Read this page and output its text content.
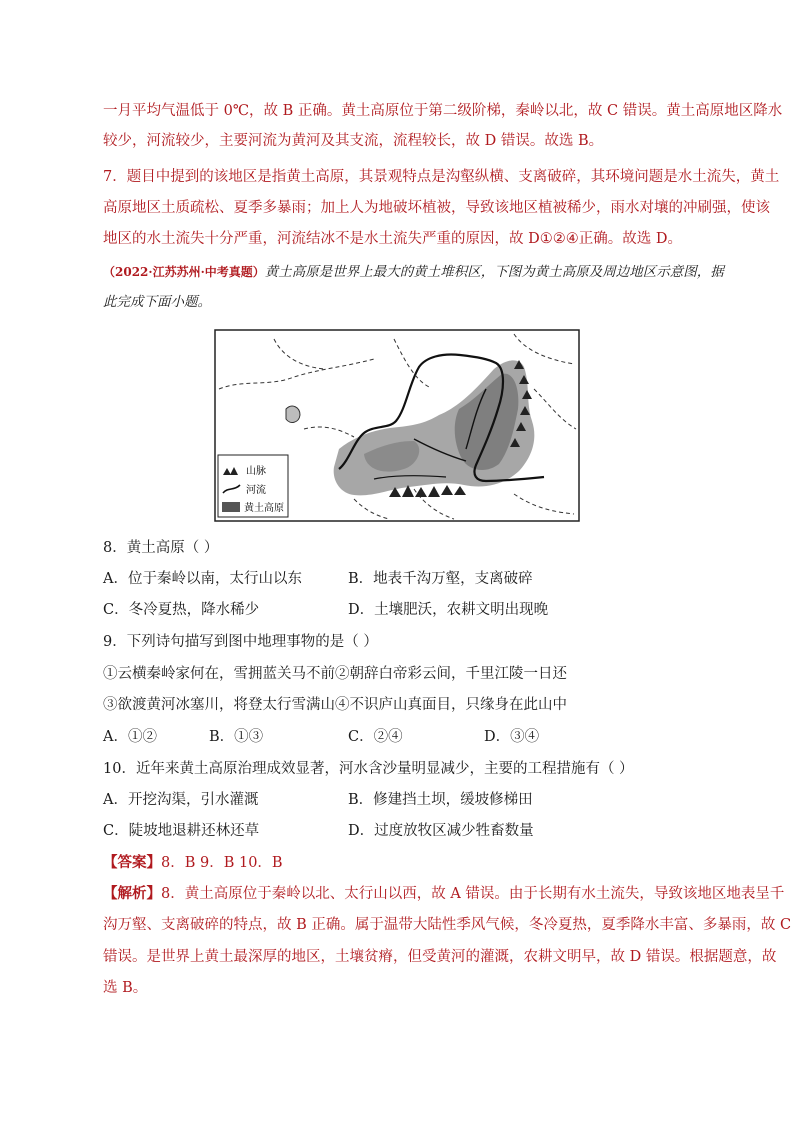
一月平均气温低于 0℃，故 B 正确。黄土高原位于第二级阶梯，秦岭以北，故 C 错误。黄土高原地区降水
较少，河流较少，主要河流为黄河及其支流，流程较长，故 D 错误。故选 B。
7．题目中提到的该地区是指黄土高原，其景观特点是沟壑纵横、支离破碎，其环境问题是水土流失，黄土
高原地区土质疏松、夏季多暴雨；加上人为地破坏植被，导致该地区植被稀少，雨水对壤的冲刷强，使该
地区的水土流失十分严重，河流结冰不是水土流失严重的原因，故 D①②④正确。故选 D。
（2022·江苏苏州·中考真题）黄土高原是世界上最大的黄土堆积区，下图为黄土高原及周边地区示意图，据
此完成下面小题。
山脉
河流
黄土高原
8．黄土高原（ ）
A．位于秦岭以南，太行山以东	B．地表千沟万壑，支离破碎
C．冬冷夏热，降水稀少	D．土壤肥沃，农耕文明出现晚
9．下列诗句描写到图中地理事物的是（ ）
①云横秦岭家何在，雪拥蓝关马不前②朝辞白帝彩云间，千里江陵一日还
③欲渡黄河冰塞川，将登太行雪满山④不识庐山真面目，只缘身在此山中
A．①②	B．①③	C．②④	D．③④
10．近年来黄土高原治理成效显著，河水含沙量明显减少，主要的工程措施有（ ）
A．开挖沟渠，引水灌溉	B．修建挡土坝，缓坡修梯田
C．陡坡地退耕还林还草	D．过度放牧区减少牲畜数量
【答案】8．B 9．B 10．B
【解析】8．黄土高原位于秦岭以北、太行山以西，故 A 错误。由于长期有水土流失，导致该地区地表呈千
沟万壑、支离破碎的特点，故 B 正确。属于温带大陆性季风气候，冬冷夏热，夏季降水丰富、多暴雨，故 C
错误。是世界上黄土最深厚的地区，土壤贫瘠，但受黄河的灌溉，农耕文明早，故 D 错误。根据题意，故
选 B。
